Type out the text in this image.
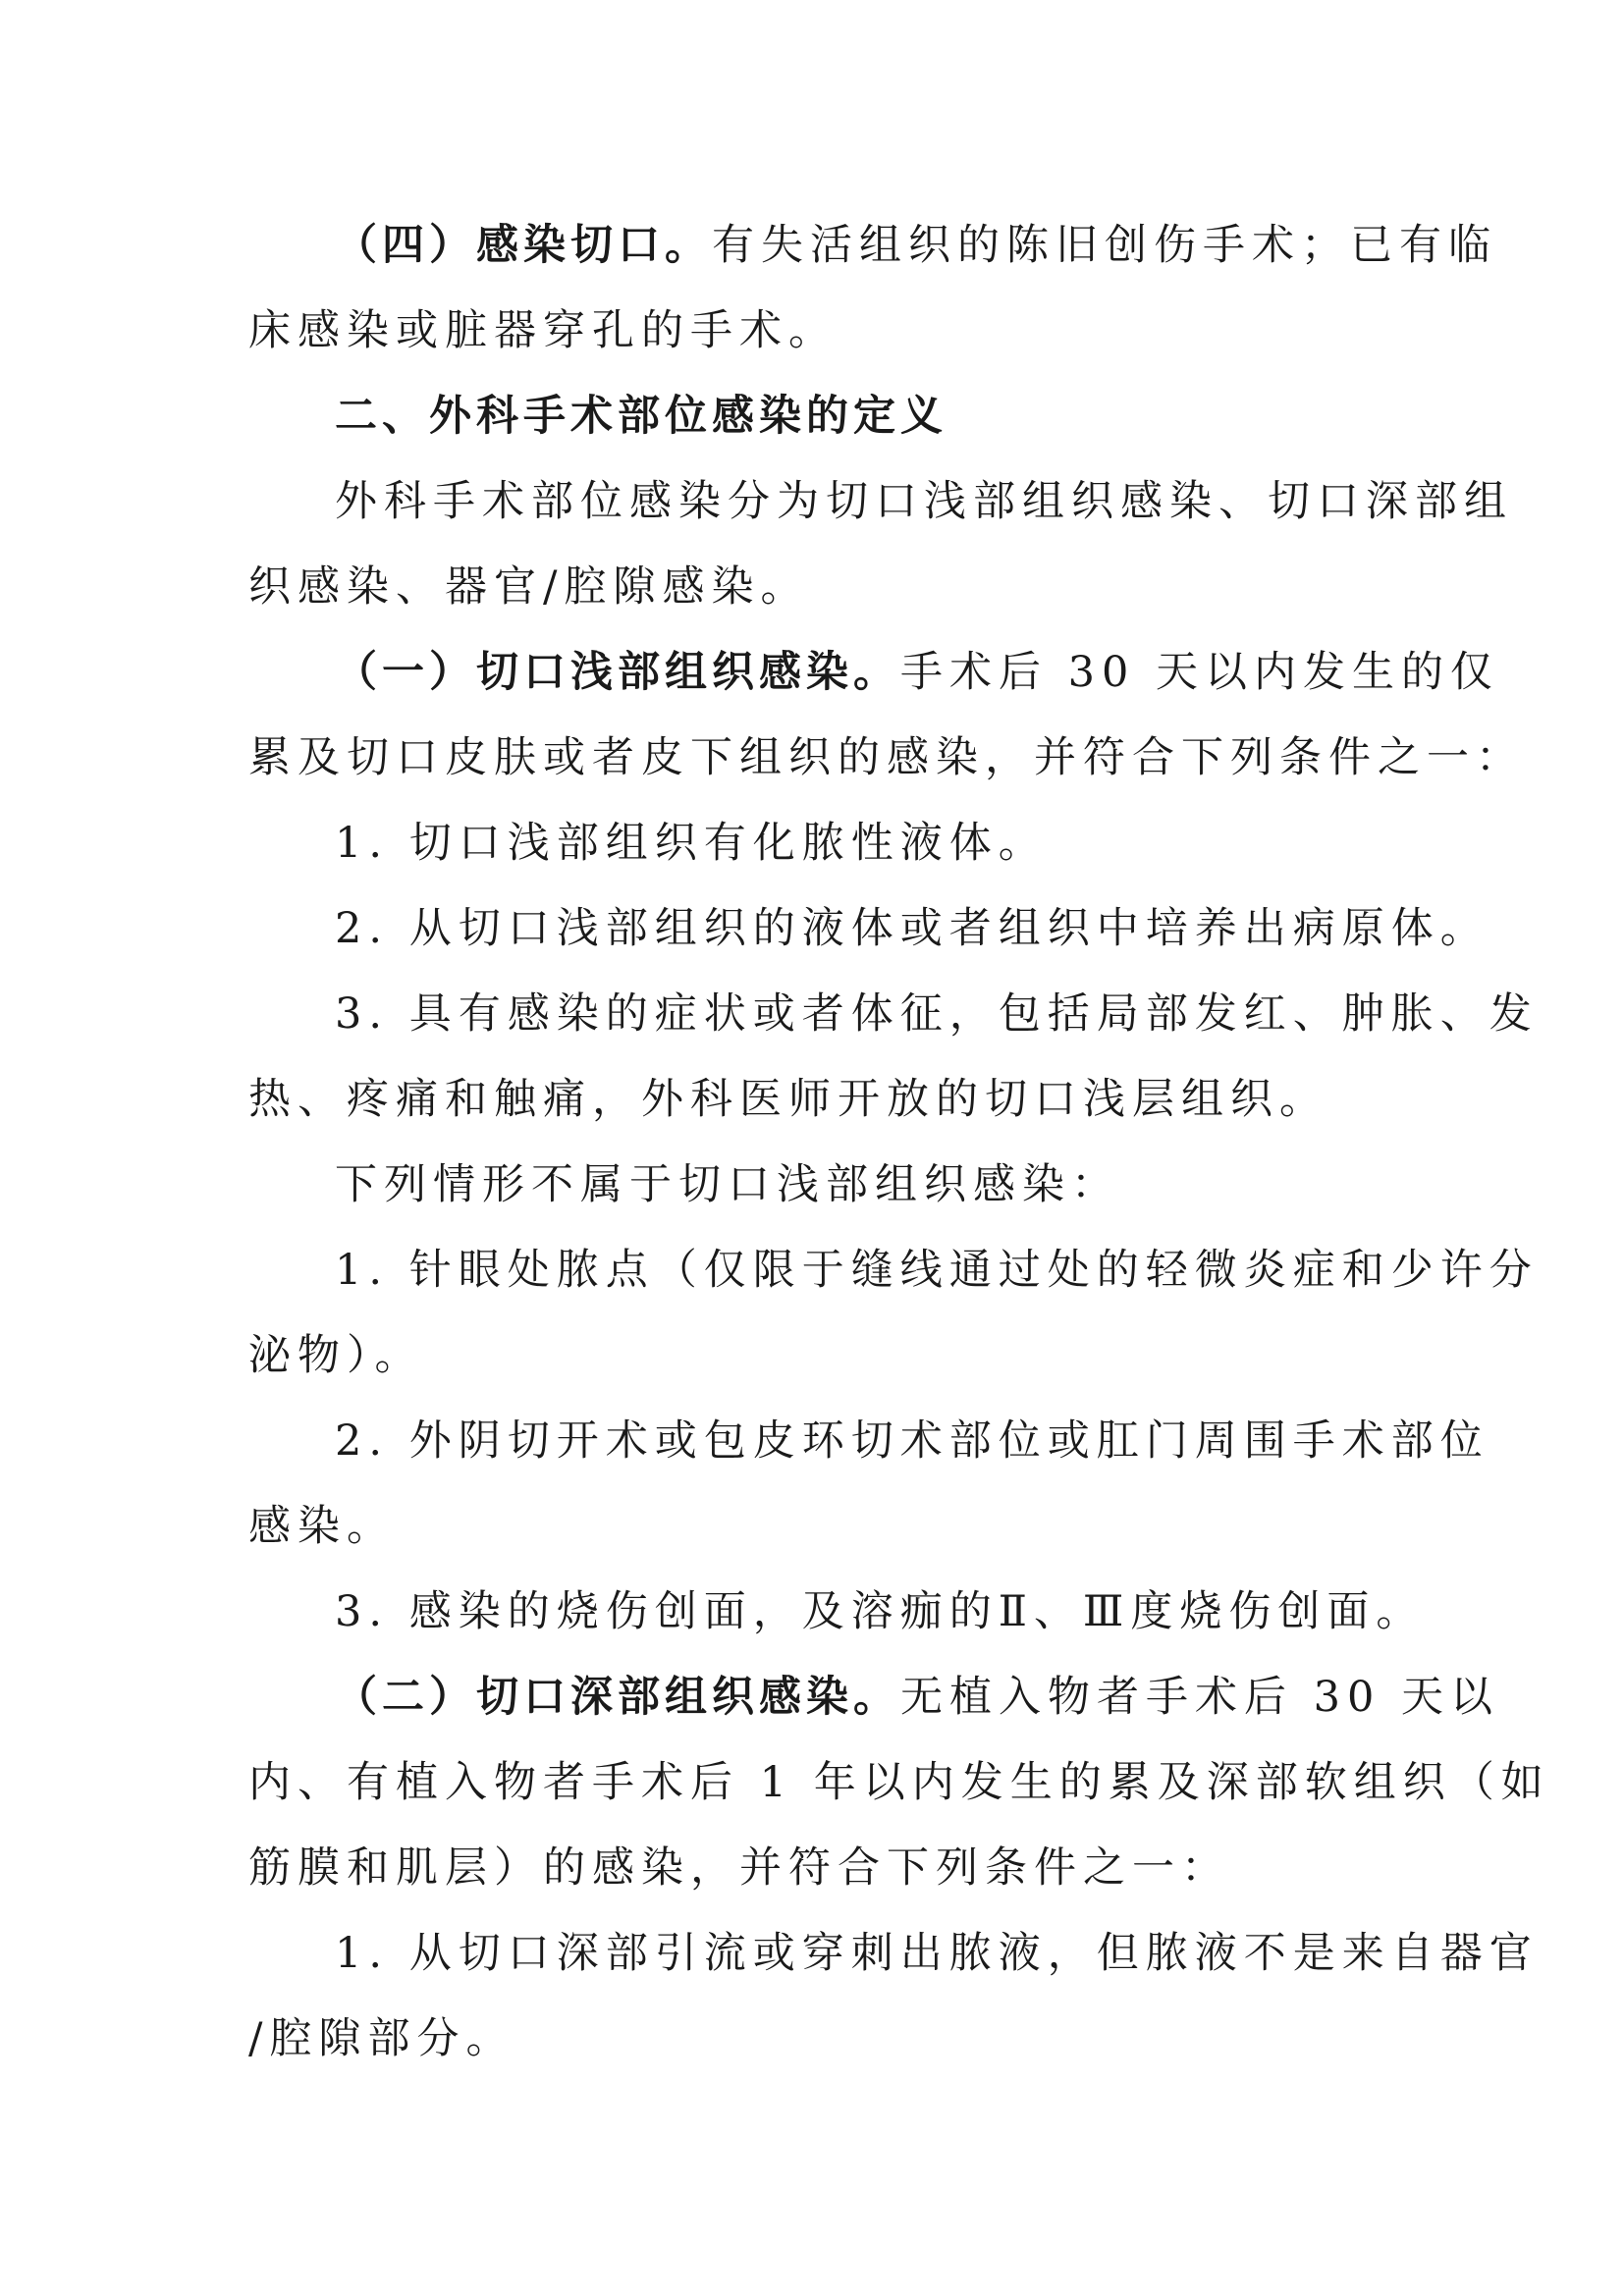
（四）感染切口。有失活组织的陈旧创伤手术；已有临
床感染或脏器穿孔的手术。
二、外科手术部位感染的定义
外科手术部位感染分为切口浅部组织感染、切口深部组
织感染、器官/腔隙感染。
（一）切口浅部组织感染。手术后 30 天以内发生的仅
累及切口皮肤或者皮下组织的感染，并符合下列条件之一：
1. 切口浅部组织有化脓性液体。
2. 从切口浅部组织的液体或者组织中培养出病原体。
3. 具有感染的症状或者体征，包括局部发红、肿胀、发
热、疼痛和触痛，外科医师开放的切口浅层组织。
下列情形不属于切口浅部组织感染：
1. 针眼处脓点（仅限于缝线通过处的轻微炎症和少许分
泌物）。
2. 外阴切开术或包皮环切术部位或肛门周围手术部位
感染。
3. 感染的烧伤创面，及溶痂的Ⅱ、Ⅲ度烧伤创面。
（二）切口深部组织感染。无植入物者手术后 30 天以
内、有植入物者手术后 1 年以内发生的累及深部软组织（如
筋膜和肌层）的感染，并符合下列条件之一：
1. 从切口深部引流或穿刺出脓液，但脓液不是来自器官
/腔隙部分。
